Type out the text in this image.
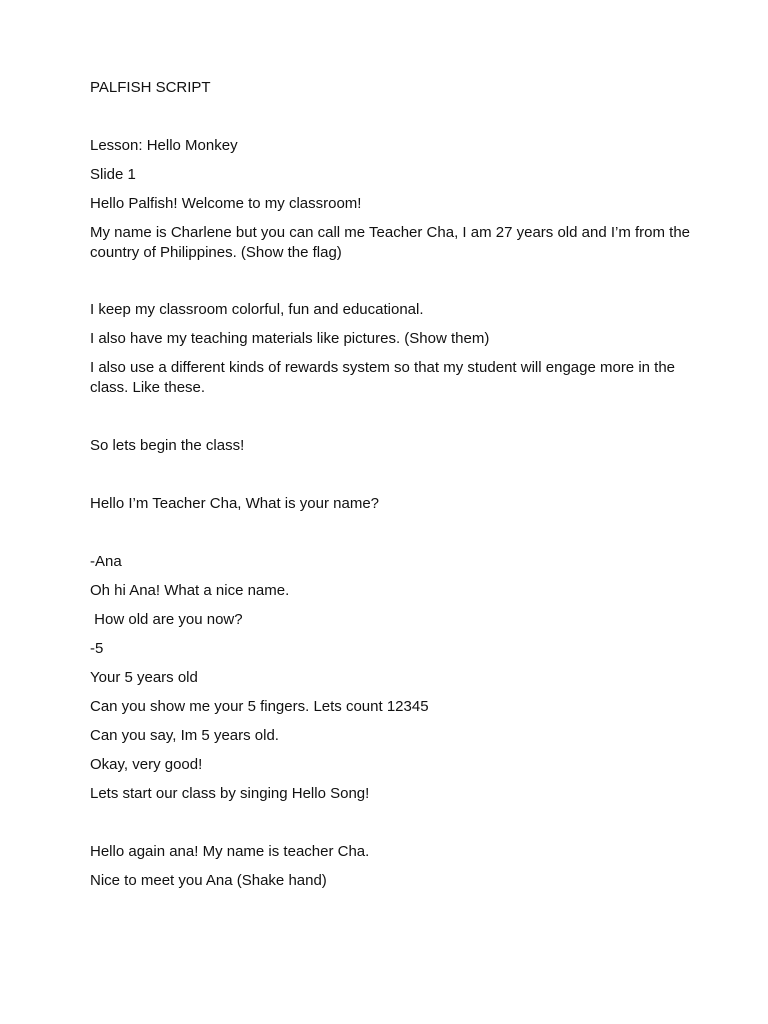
PALFISH SCRIPT

Lesson: Hello Monkey

Slide 1

Hello Palfish! Welcome to my classroom!

My name is Charlene but you can call me Teacher Cha, I am 27 years old and I’m from the country of Philippines. (Show the flag)

I keep my classroom colorful, fun and educational.

I also have my teaching materials like pictures. (Show them)

I also use a different kinds of rewards system so that my student will engage more in the class. Like these.

So lets begin the class!

Hello I’m Teacher Cha, What is your name?

-Ana

Oh hi Ana! What a nice name.

How old are you now?

-5

Your 5 years old

Can you show me your 5 fingers. Lets count 12345

Can you say, Im 5 years old.

Okay, very good!

Lets start our class by singing Hello Song!

Hello again ana! My name is teacher Cha.

Nice to meet you Ana (Shake hand)
